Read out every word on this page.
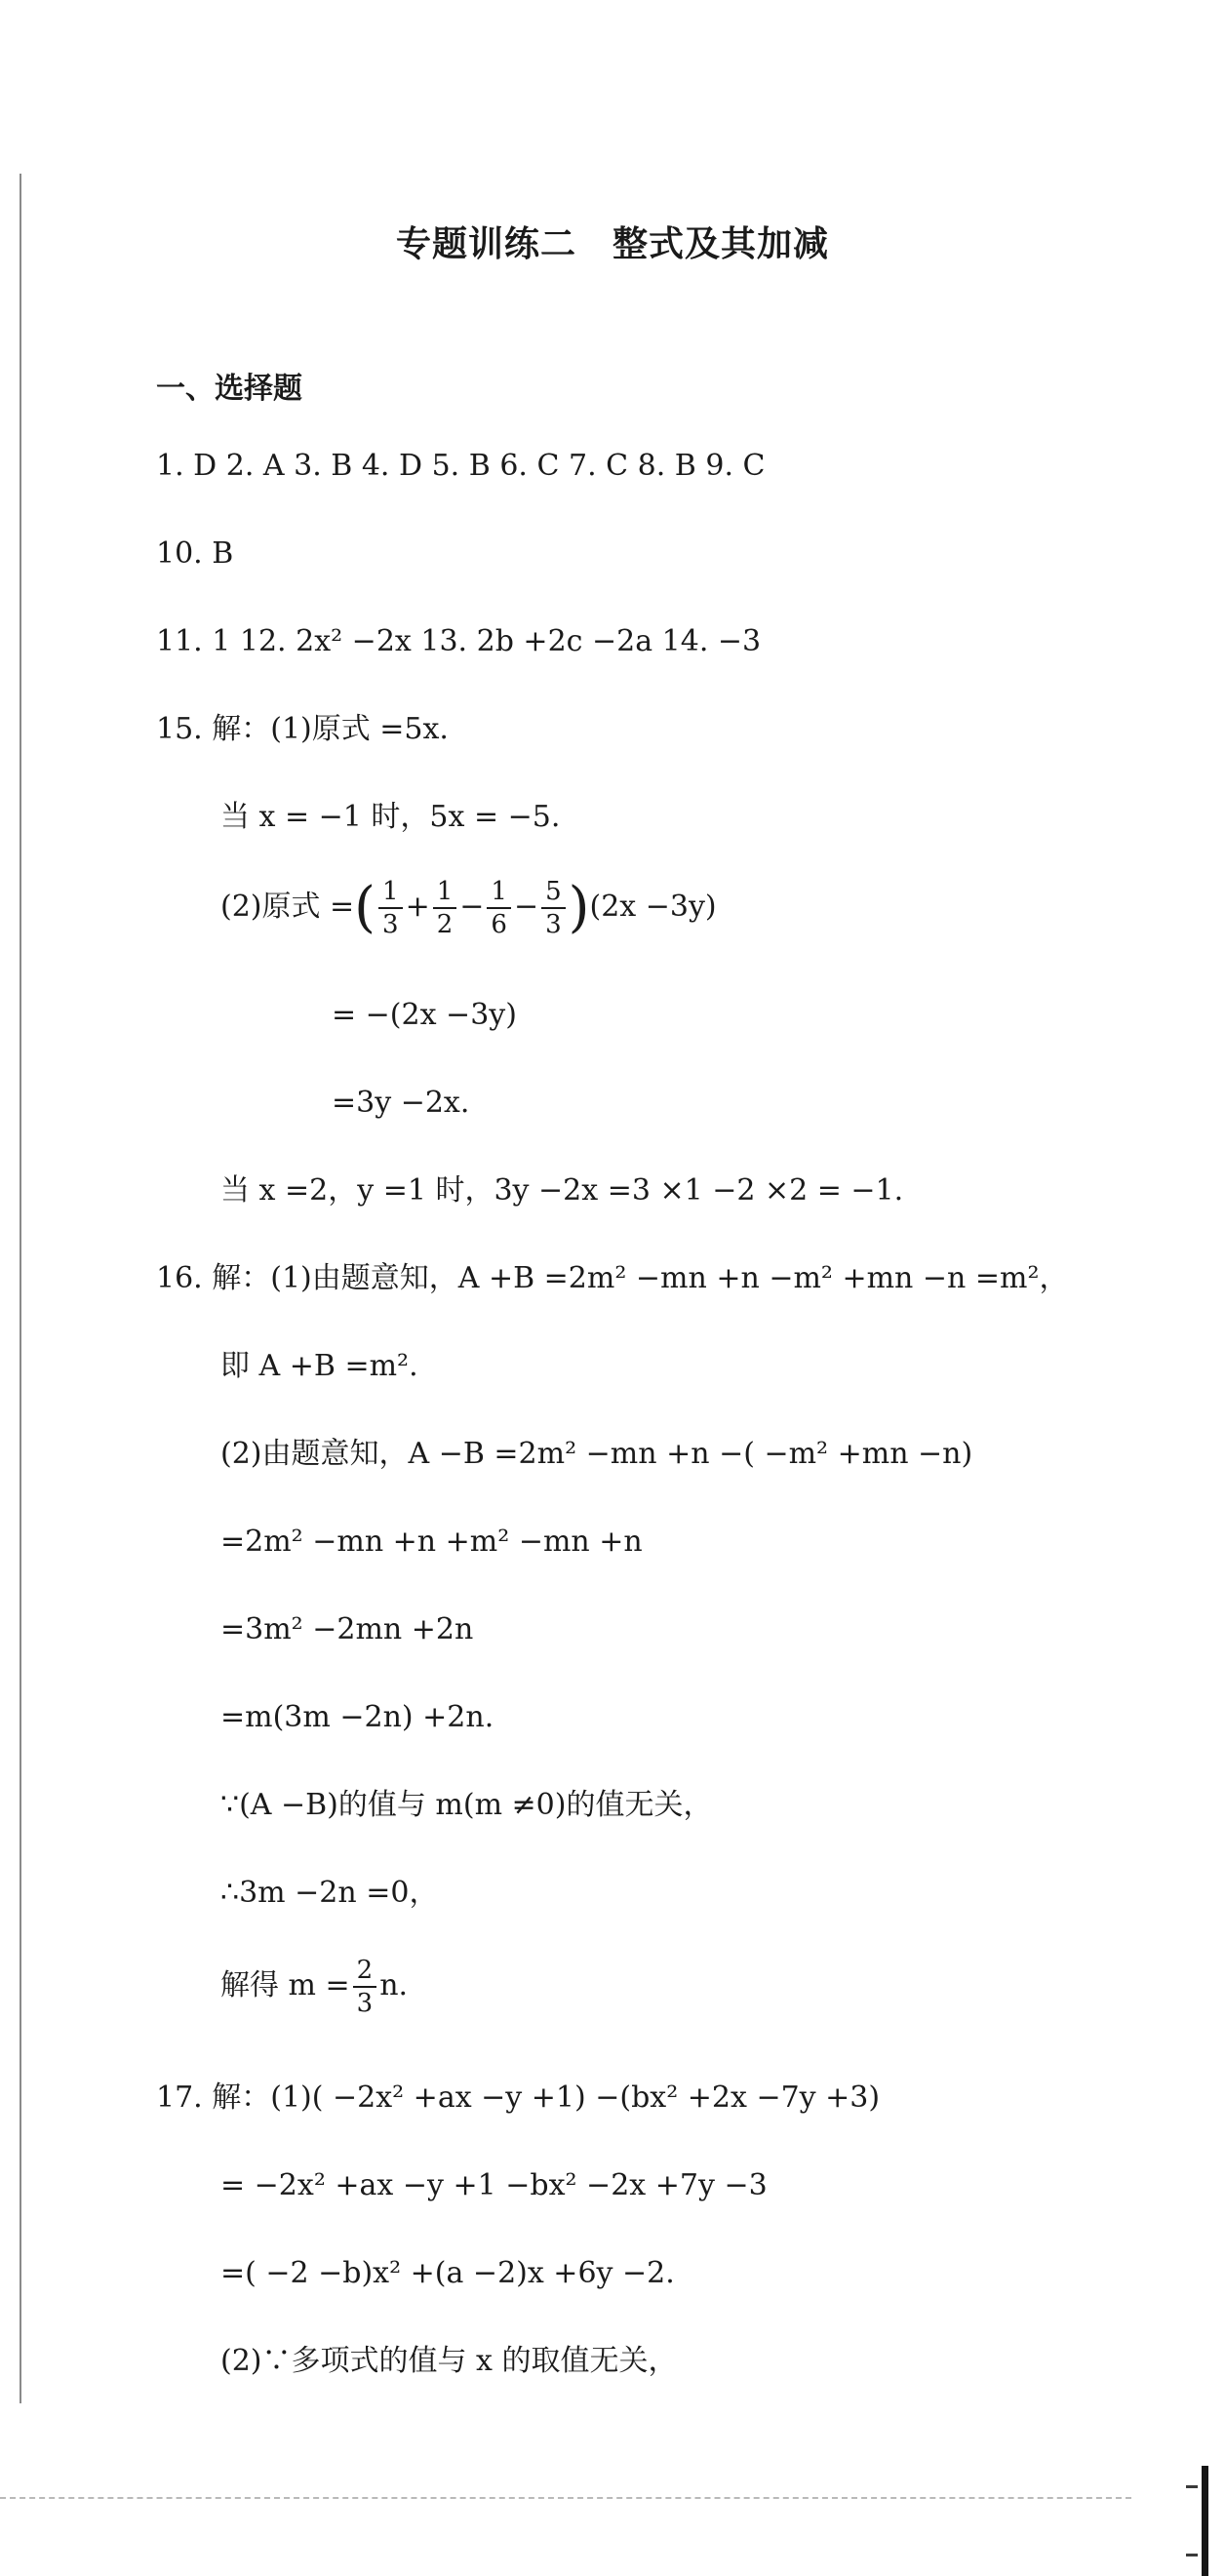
专题训练二　整式及其加减
一、选择题
1. D 2. A 3. B 4. D 5. B 6. C 7. C 8. B 9. C
10. B
11. 1 12. 2x² −2x 13. 2b +2c −2a 14. −3
15. 解：(1)原式 =5x.
当 x = −1 时，5x = −5.
(2)原式 =( $\frac{1}{3} + \frac{1}{2} - \frac{1}{6} - \frac{5}{3} )(2x -3y)$
= −(2x −3y)
=3y −2x.
当 x =2，y =1 时，3y −2x =3 ×1 −2 ×2 = −1.
16. 解：(1)由题意知，A +B =2m² −mn +n −m² +mn −n =m²，
即 A +B =m².
(2)由题意知，A −B =2m² −mn +n −( −m² +mn −n)
=2m² −mn +n +m² −mn +n
=3m² −2mn +2n
=m(3m −2n) +2n.
∵(A −B)的值与 m(m ≠0)的值无关，
∴3m −2n =0，
解得 $m = \frac{2}{3} n$.
17. 解：(1)( −2x² +ax −y +1) −(bx² +2x −7y +3)
= −2x² +ax −y +1 −bx² −2x +7y −3
=( −2 −b)x² +(a −2)x +6y −2.
(2)∵多项式的值与 x 的取值无关，
